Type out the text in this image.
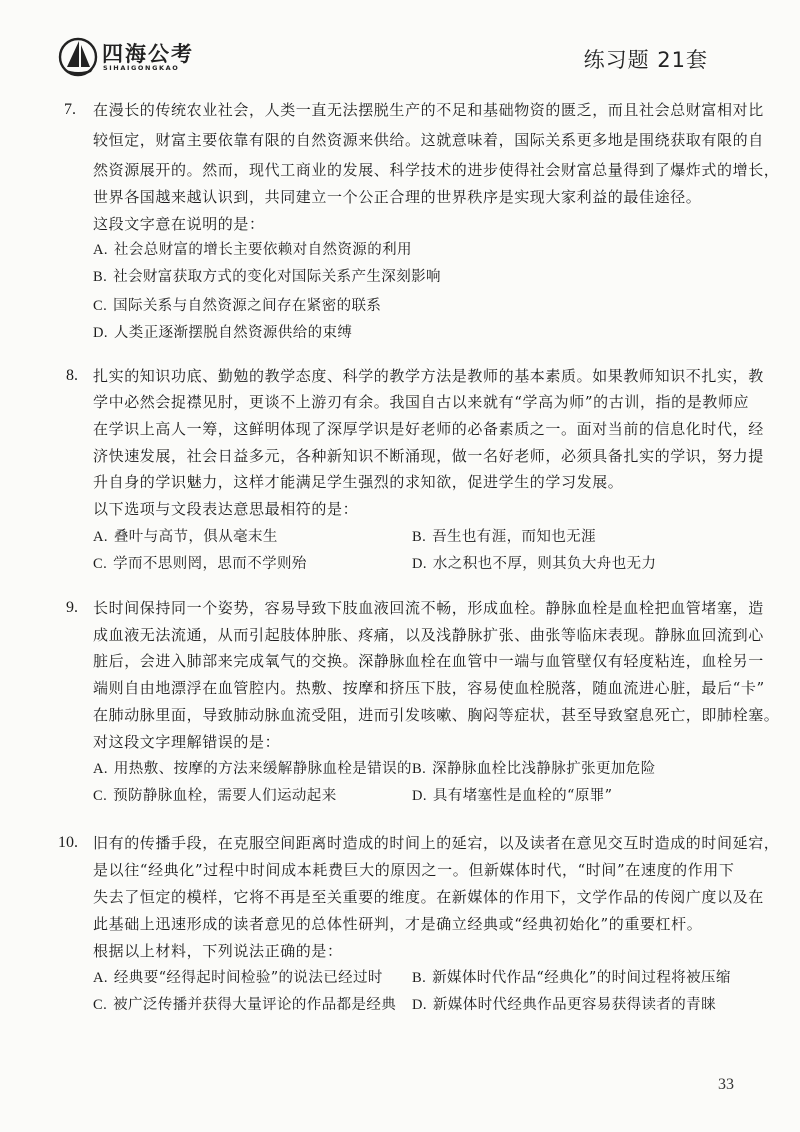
四海公考
SIHAIGONGKAO	练习题 21套
7. 在漫长的传统农业社会，人类一直无法摆脱生产的不足和基础物资的匮乏，而且社会总财富相对比
较恒定，财富主要依靠有限的自然资源来供给。这就意味着，国际关系更多地是围绕获取有限的自
然资源展开的。然而，现代工商业的发展、科学技术的进步使得社会财富总量得到了爆炸式的增长，
世界各国越来越认识到，共同建立一个公正合理的世界秩序是实现大家利益的最佳途径。
这段文字意在说明的是：
A. 社会总财富的增长主要依赖对自然资源的利用
B. 社会财富获取方式的变化对国际关系产生深刻影响
C. 国际关系与自然资源之间存在紧密的联系
D. 人类正逐渐摆脱自然资源供给的束缚
8. 扎实的知识功底、勤勉的教学态度、科学的教学方法是教师的基本素质。如果教师知识不扎实，教
学中必然会捉襟见肘，更谈不上游刃有余。我国自古以来就有“学高为师”的古训，指的是教师应
在学识上高人一筹，这鲜明体现了深厚学识是好老师的必备素质之一。面对当前的信息化时代，经
济快速发展，社会日益多元，各种新知识不断涌现，做一名好老师，必须具备扎实的学识，努力提
升自身的学识魅力，这样才能满足学生强烈的求知欲，促进学生的学习发展。
以下选项与文段表达意思最相符的是：
A. 叠叶与高节，俱从毫末生	B. 吾生也有涯，而知也无涯
C. 学而不思则罔，思而不学则殆	D. 水之积也不厚，则其负大舟也无力
9. 长时间保持同一个姿势，容易导致下肢血液回流不畅，形成血栓。静脉血栓是血栓把血管堵塞，造
成血液无法流通，从而引起肢体肿胀、疼痛，以及浅静脉扩张、曲张等临床表现。静脉血回流到心
脏后，会进入肺部来完成氧气的交换。深静脉血栓在血管中一端与血管壁仅有轻度粘连，血栓另一
端则自由地漂浮在血管腔内。热敷、按摩和挤压下肢，容易使血栓脱落，随血流进心脏，最后“卡”
在肺动脉里面，导致肺动脉血流受阻，进而引发咳嗽、胸闷等症状，甚至导致窒息死亡，即肺栓塞。
对这段文字理解错误的是：
A. 用热敷、按摩的方法来缓解静脉血栓是错误的 B. 深静脉血栓比浅静脉扩张更加危险
C. 预防静脉血栓，需要人们运动起来	D. 具有堵塞性是血栓的“原罪”
10. 旧有的传播手段，在克服空间距离时造成的时间上的延宕，以及读者在意见交互时造成的时间延宕，
是以往“经典化”过程中时间成本耗费巨大的原因之一。但新媒体时代，“时间”在速度的作用下
失去了恒定的模样，它将不再是至关重要的维度。在新媒体的作用下，文学作品的传阅广度以及在
此基础上迅速形成的读者意见的总体性研判，才是确立经典或“经典初始化”的重要杠杆。
根据以上材料，下列说法正确的是：
A. 经典要“经得起时间检验”的说法已经过时 B. 新媒体时代作品“经典化”的时间过程将被压缩
C. 被广泛传播并获得大量评论的作品都是经典 D. 新媒体时代经典作品更容易获得读者的青睐
33
